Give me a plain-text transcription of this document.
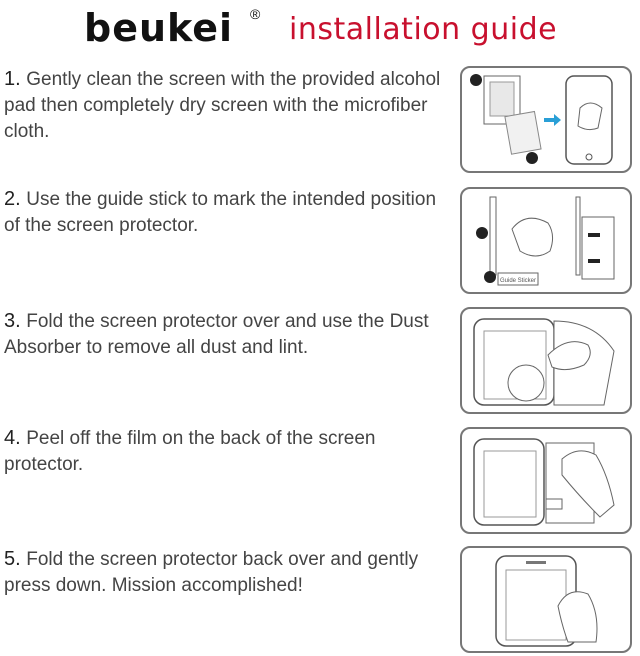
beukei ® installation guide
1. Gently clean the screen with the provided alcohol pad then completely dry screen with the microfiber cloth.
2. Use the guide stick to mark the intended position of the screen protector.
Guide Sticker
3. Fold the screen protector over and use the Dust Absorber to remove all dust and lint.
4. Peel off the film on the back of the screen protector.
5. Fold the screen protector back over and gently press down. Mission accomplished!
